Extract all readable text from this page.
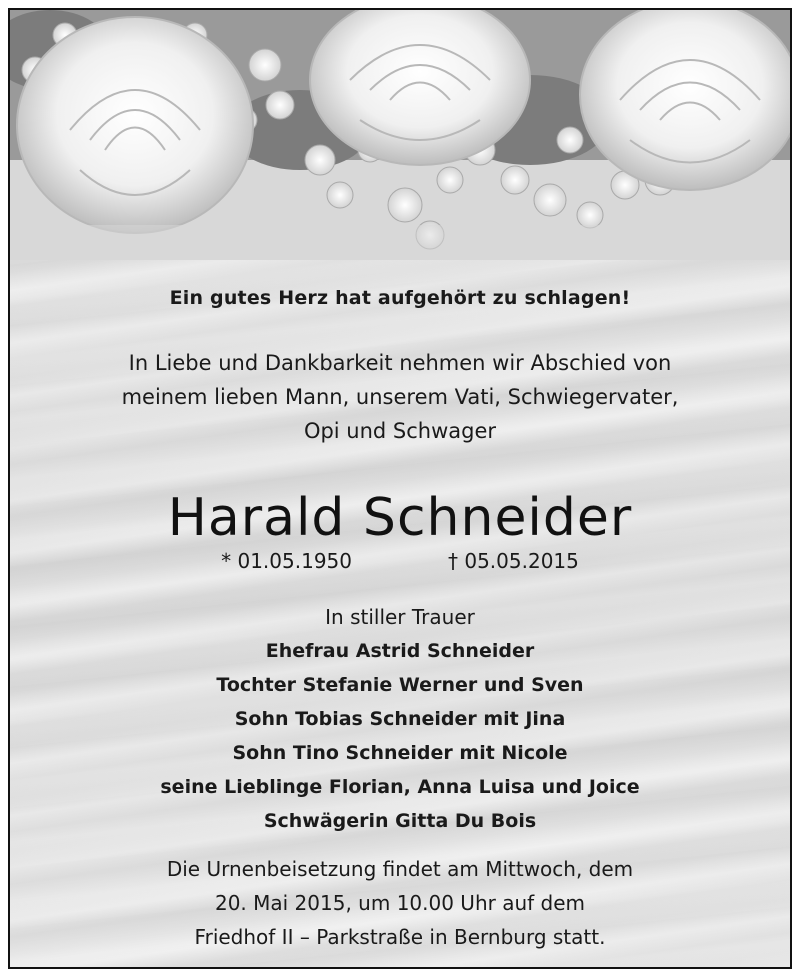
Ein gutes Herz hat aufgehört zu schlagen!
In Liebe und Dankbarkeit nehmen wir Abschied von
meinem lieben Mann, unserem Vati, Schwiegervater,
Opi und Schwager
Harald Schneider
* 01.05.1950	† 05.05.2015
In stiller Trauer
Ehefrau Astrid Schneider
Tochter Stefanie Werner und Sven
Sohn Tobias Schneider mit Jina
Sohn Tino Schneider mit Nicole
seine Lieblinge Florian, Anna Luisa und Joice
Schwägerin Gitta Du Bois
Die Urnenbeisetzung findet am Mittwoch, dem
20. Mai 2015, um 10.00 Uhr auf dem
Friedhof II – Parkstraße in Bernburg statt.
